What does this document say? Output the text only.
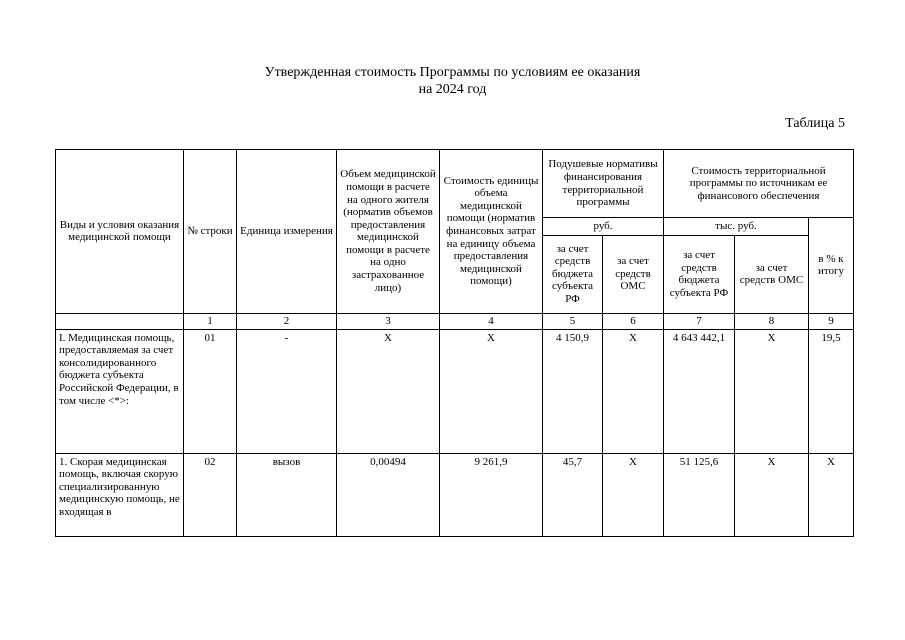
Утвержденная стоимость Программы по условиям ее оказания
на 2024 год
Таблица 5
Виды и условия оказания медицинской помощи	№ строки	Единица измерения	Объем медицинской помощи в расчете на одного жителя (норматив объемов предоставления медицинской помощи в расчете на одно застрахованное лицо)	Стоимость единицы объема медицинской помощи (норматив финансовых затрат на единицу объема предоставления медицинской помощи)	Подушевые нормативы финансирования территориальной программы		Стоимость территориальной программы по источникам ее финансового обеспечения		
					руб.		тыс. руб.		в % к итогу
					за счет средств бюджета субъекта РФ	за счет средств ОМС	за счет средств бюджета субъекта РФ	за счет средств ОМС	
	1	2	3	4	5	6	7	8	9
I. Медицинская помощь, предоставляемая за счет консолидированного бюджета субъекта Российской Федерации, в том числе <*>:	01	-	X	X	4 150,9	X	4 643 442,1	X	19,5
1. Скорая медицинская помощь, включая скорую специализированную медицинскую помощь, не входящая в	02	вызов	0,00494	9 261,9	45,7	X	51 125,6	X	X
